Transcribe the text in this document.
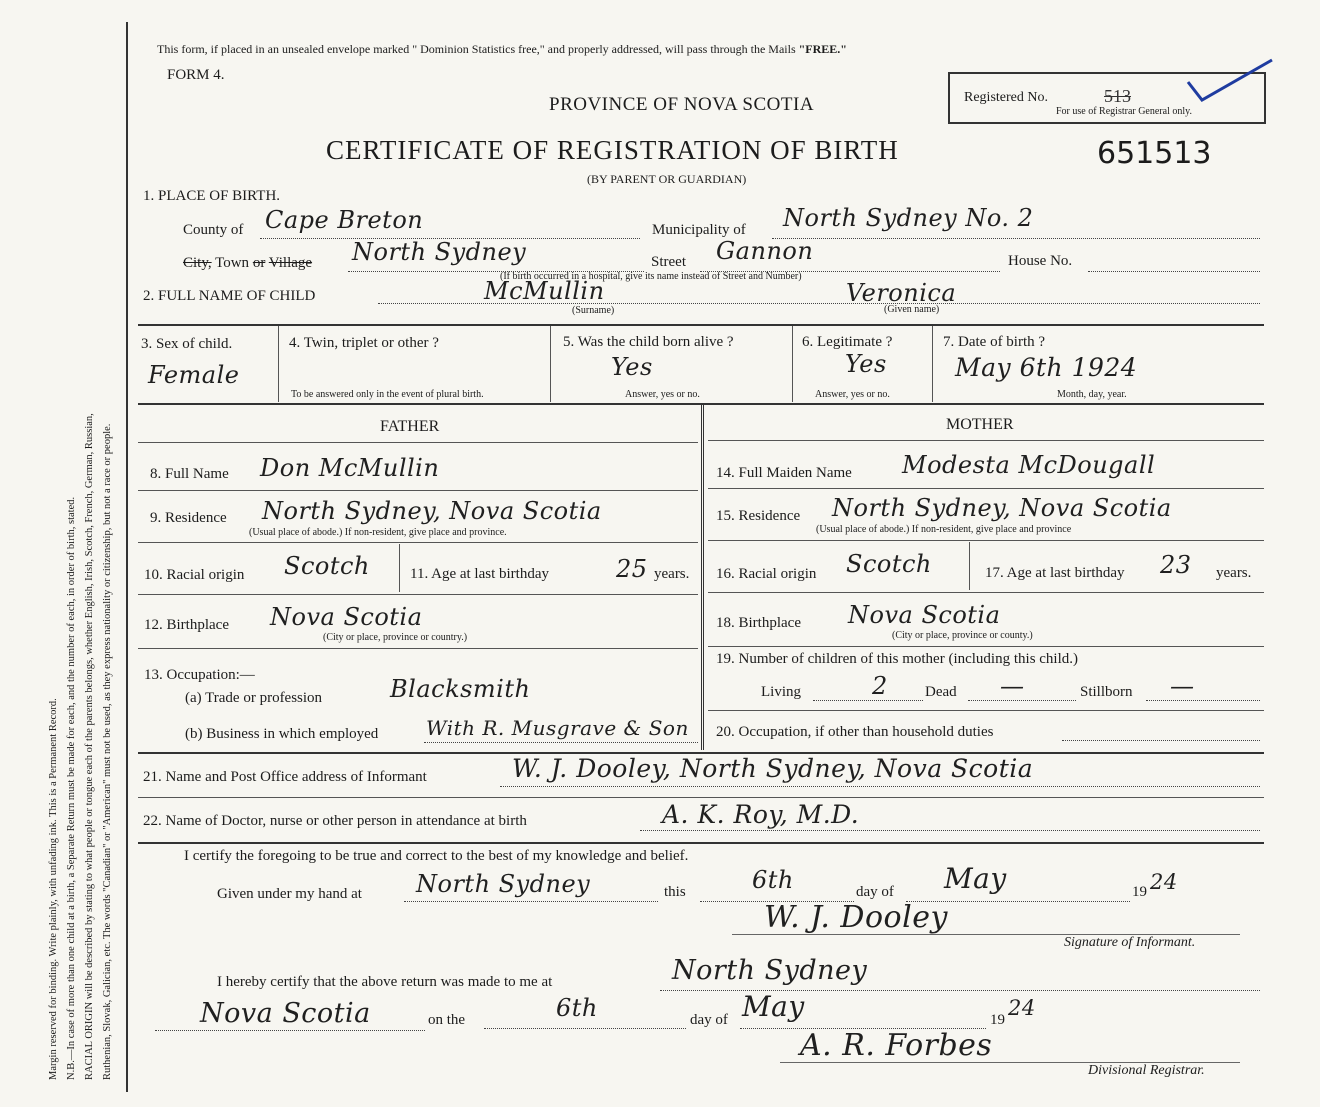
Margin reserved for binding. Write plainly, with unfading ink. This is a Permanent Record. N.B.—In case of more than one child at a birth, a Separate Return must be made for each, and the number of each, in order of birth, stated. RACIAL ORIGIN will be described by stating to what people or tongue each of the parents belongs, whether English, Irish, Scotch, French, German, Russian, Ruthenian, Slovak, Galician, etc. The words "Canadian" or "American" must not be used, as they express nationality or citizenship, but not a race or people.
This form, if placed in an unsealed envelope marked " Dominion Statistics free," and properly addressed, will pass through the Mails "FREE."
FORM 4.
PROVINCE OF NOVA SCOTIA
CERTIFICATE OF REGISTRATION OF BIRTH	651513
(BY PARENT OR GUARDIAN)
Registered No.	513
For use of Registrar General only.
1. PLACE OF BIRTH.
County of Cape Breton	Municipality of North Sydney No. 2
City, Town or Village North Sydney	Street Gannon	House No.
(If birth occurred in a hospital, give its name instead of Street and Number)
2. FULL NAME OF CHILD	McMullin	Veronica
(Surname)	(Given name)
3. Sex of child.
Female
4. Twin, triplet or other ?
To be answered only in the event of plural birth.
5. Was the child born alive ?
Yes
Answer, yes or no.
6. Legitimate ?
Yes
Answer, yes or no.
7. Date of birth ?
May 6th 1924
Month, day, year.
FATHER	MOTHER
8. Full Name Don McMullin
9. Residence North Sydney, Nova Scotia
(Usual place of abode.) If non-resident, give place and province.
10. Racial origin Scotch	11. Age at last birthday	25 years.
12. Birthplace Nova Scotia
(City or place, province or country.)
13. Occupation:—
(a) Trade or profession	Blacksmith
(b) Business in which employed With R. Musgrave & Son
14. Full Maiden Name Modesta McDougall
15. Residence North Sydney, Nova Scotia
(Usual place of abode.) If non-resident, give place and province
16. Racial origin Scotch	17. Age at last birthday 23 years.
18. Birthplace Nova Scotia
(City or place, province or county.)
19. Number of children of this mother (including this child.)
Living	2 Dead —	Stillborn —
20. Occupation, if other than household duties
21. Name and Post Office address of Informant	W. J. Dooley, North Sydney, Nova Scotia
22. Name of Doctor, nurse or other person in attendance at birth	A. K. Roy, M.D.
I certify the foregoing to be true and correct to the best of my knowledge and belief.
Given under my hand at North Sydney	this	6th	day of May	19 24
W. J. Dooley
Signature of Informant.
I hereby certify that the above return was made to me at	North Sydney
Nova Scotia	on the	6th	day of May	19 24
A. R. Forbes
Divisional Registrar.
